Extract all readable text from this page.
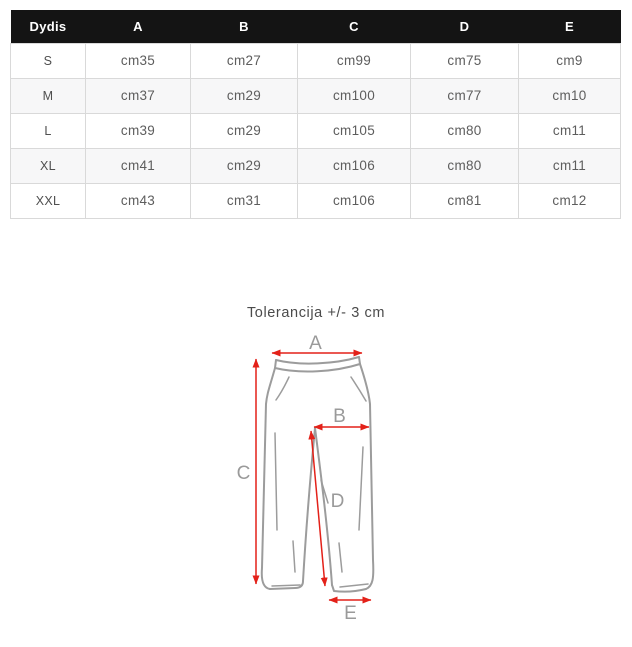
Dydis	A	B	C	D	E
S	cm35	cm27	cm99	cm75	cm9
M	cm37	cm29	cm100	cm77	cm10
L	cm39	cm29	cm105	cm80	cm11
XL	cm41	cm29	cm106	cm80	cm11
XXL	cm43	cm31	cm106	cm81	cm12
Tolerancija +/- 3 cm
A
B
C
D
E
